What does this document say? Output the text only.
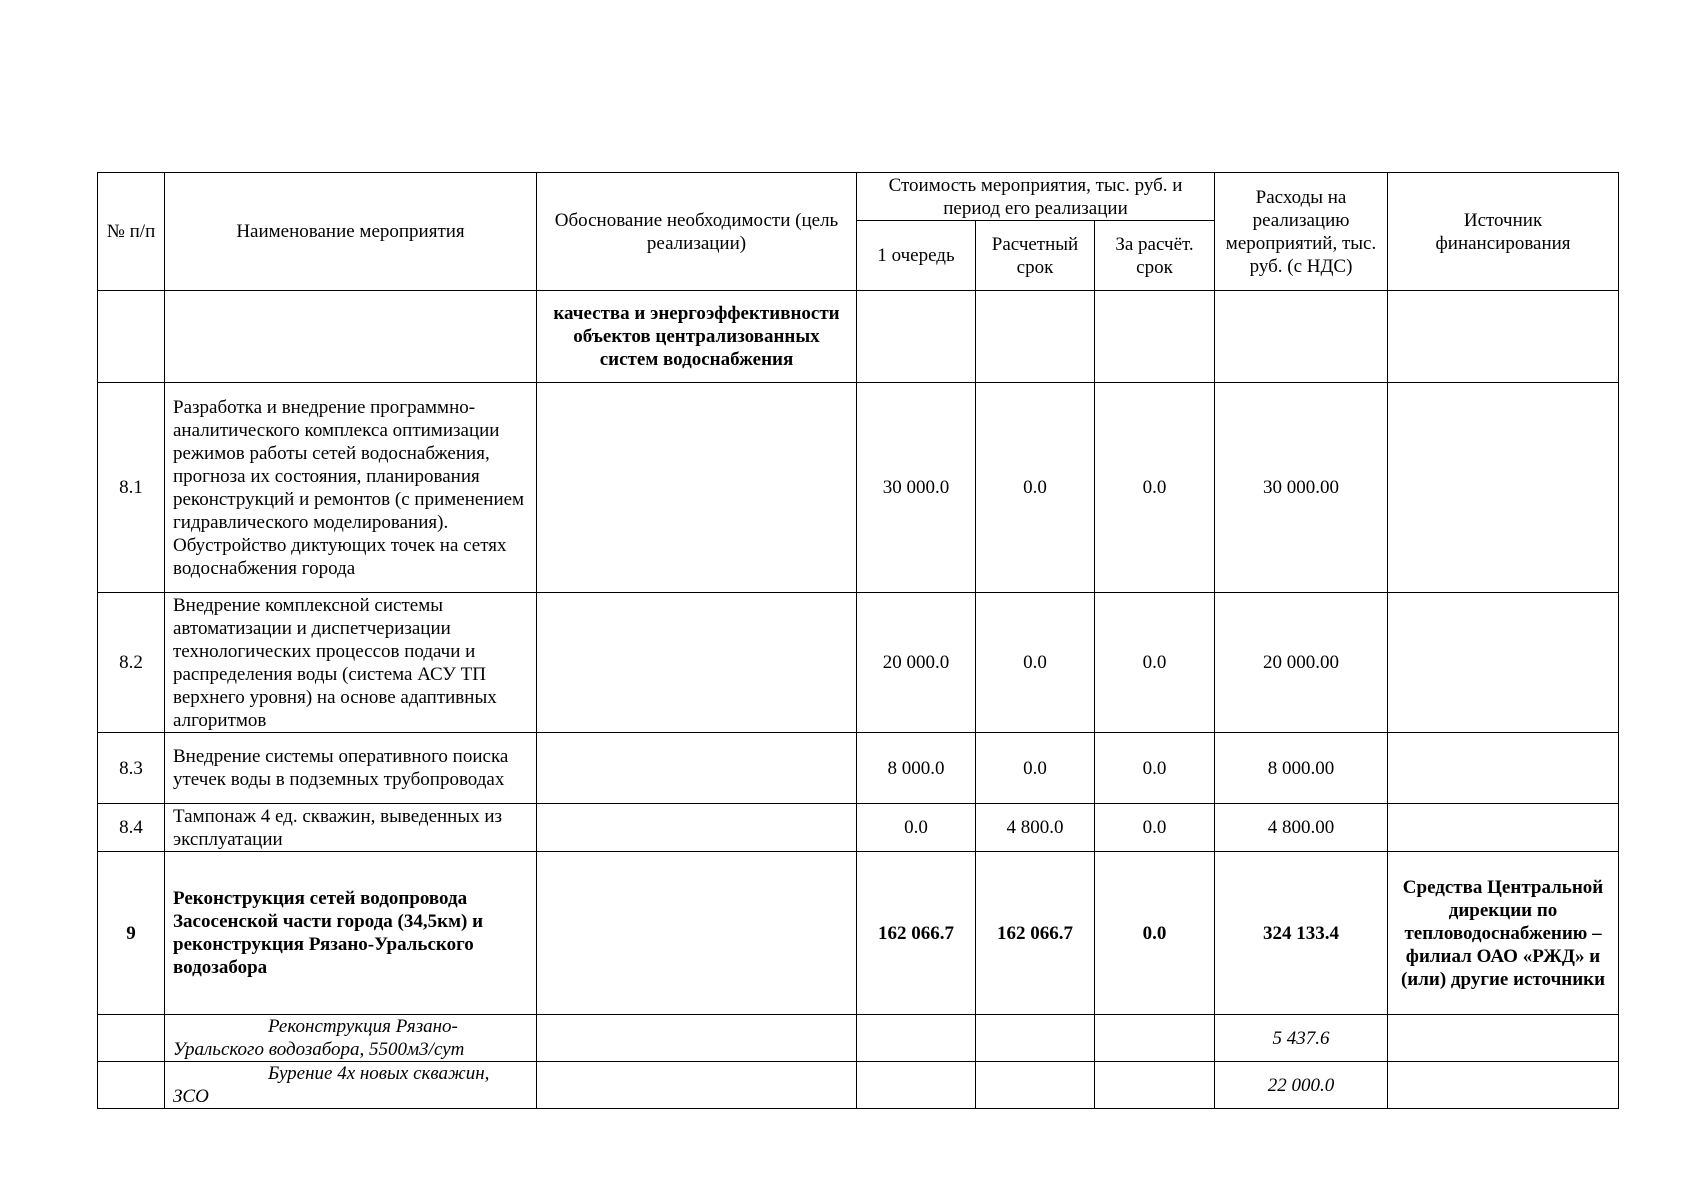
№ п/п	Наименование мероприятия	Обоснование необходимости (цель реализации)	Стоимость мероприятия, тыс. руб. и период его реализации			Расходы на реализацию мероприятий, тыс. руб. (с НДС)	Источник финансирования
			1 очередь	Расчетный срок	За расчёт. срок		
		качества и энергоэффективности объектов централизованных систем водоснабжения					
8.1	Разработка и внедрение программно-аналитического комплекса оптимизации режимов работы сетей водоснабжения, прогноза их состояния, планирования реконструкций и ремонтов (с применением гидравлического моделирования). Обустройство диктующих точек на сетях водоснабжения города		30 000.0	0.0	0.0	30 000.00	
8.2	Внедрение комплексной системы автоматизации и диспетчеризации технологических процессов подачи и распределения воды (система АСУ ТП верхнего уровня) на основе адаптивных алгоритмов		20 000.0	0.0	0.0	20 000.00	
8.3	Внедрение системы оперативного поиска утечек воды в подземных трубопроводах		8 000.0	0.0	0.0	8 000.00	
8.4	Тампонаж 4 ед. скважин, выведенных из эксплуатации		0.0	4 800.0	0.0	4 800.00	
9	Реконструкция сетей водопровода Засосенской части города (34,5км) и реконструкция Рязано-Уральского водозабора		162 066.7	162 066.7	0.0	324 133.4	Средства Центральной дирекции по тепловодоснабжению – филиал ОАО «РЖД» и (или) другие источники
	Реконструкция Рязано-Уральского водозабора, 5500м3/сут					5 437.6	
	Бурение 4х новых скважин, ЗСО					22 000.0	
